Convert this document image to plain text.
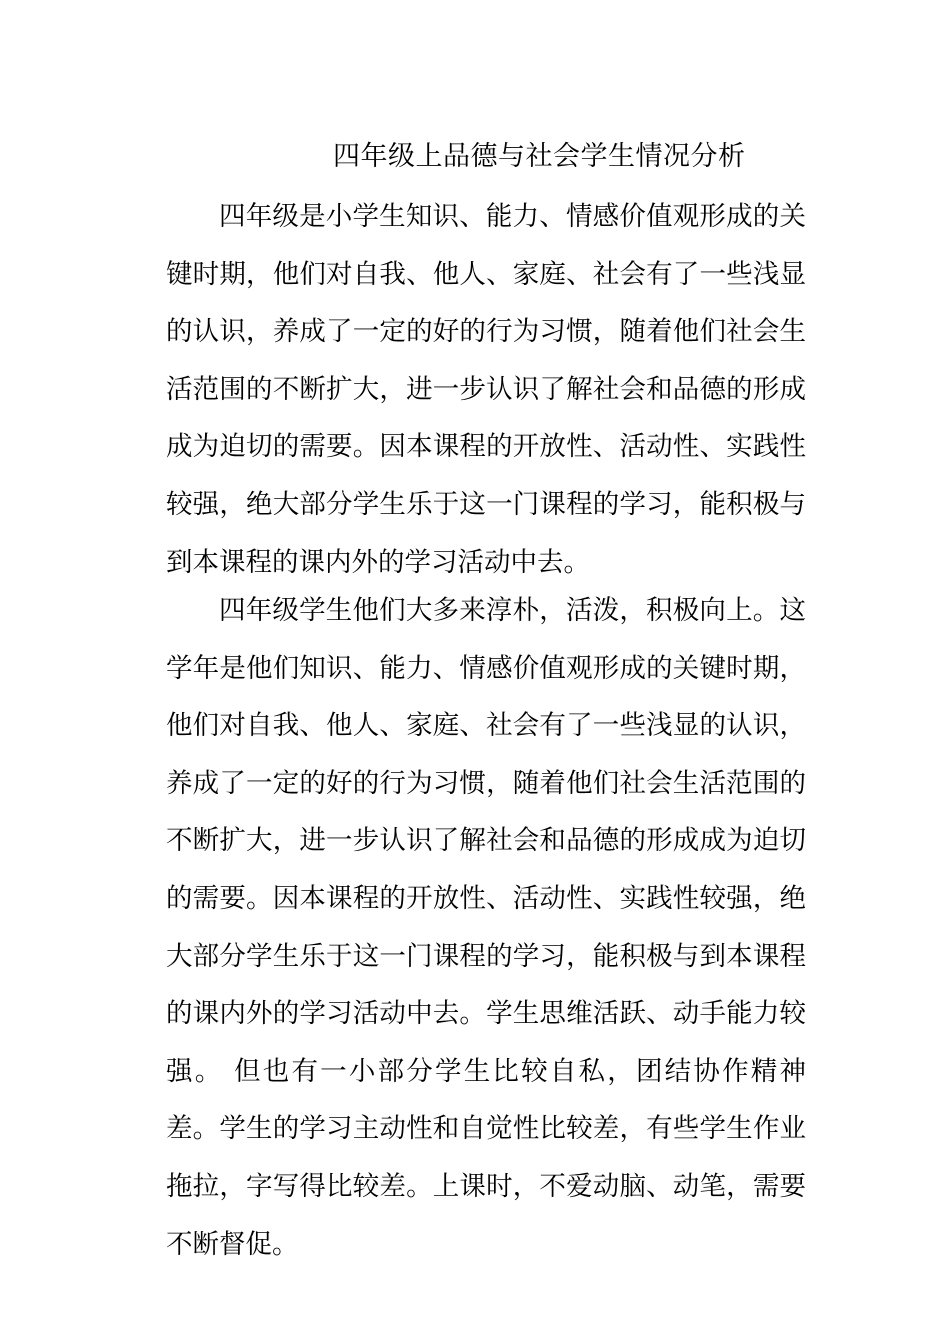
四年级上品德与社会学生情况分析

四年级是小学生知识、能力、情感价值观形成的关键时期，他们对自我、他人、家庭、社会有了一些浅显的认识，养成了一定的好的行为习惯，随着他们社会生活范围的不断扩大，进一步认识了解社会和品德的形成成为迫切的需要。因本课程的开放性、活动性、实践性较强，绝大部分学生乐于这一门课程的学习，能积极与到本课程的课内外的学习活动中去。

四年级学生他们大多来淳朴，活泼，积极向上。这学年是他们知识、能力、情感价值观形成的关键时期，他们对自我、他人、家庭、社会有了一些浅显的认识，养成了一定的好的行为习惯，随着他们社会生活范围的不断扩大，进一步认识了解社会和品德的形成成为迫切的需要。因本课程的开放性、活动性、实践性较强，绝大部分学生乐于这一门课程的学习，能积极与到本课程的课内外的学习活动中去。学生思维活跃、动手能力较强。 但也有一小部分学生比较自私，团结协作精神差。学生的学习主动性和自觉性比较差，有些学生作业拖拉，字写得比较差。上课时，不爱动脑、动笔，需要不断督促。
